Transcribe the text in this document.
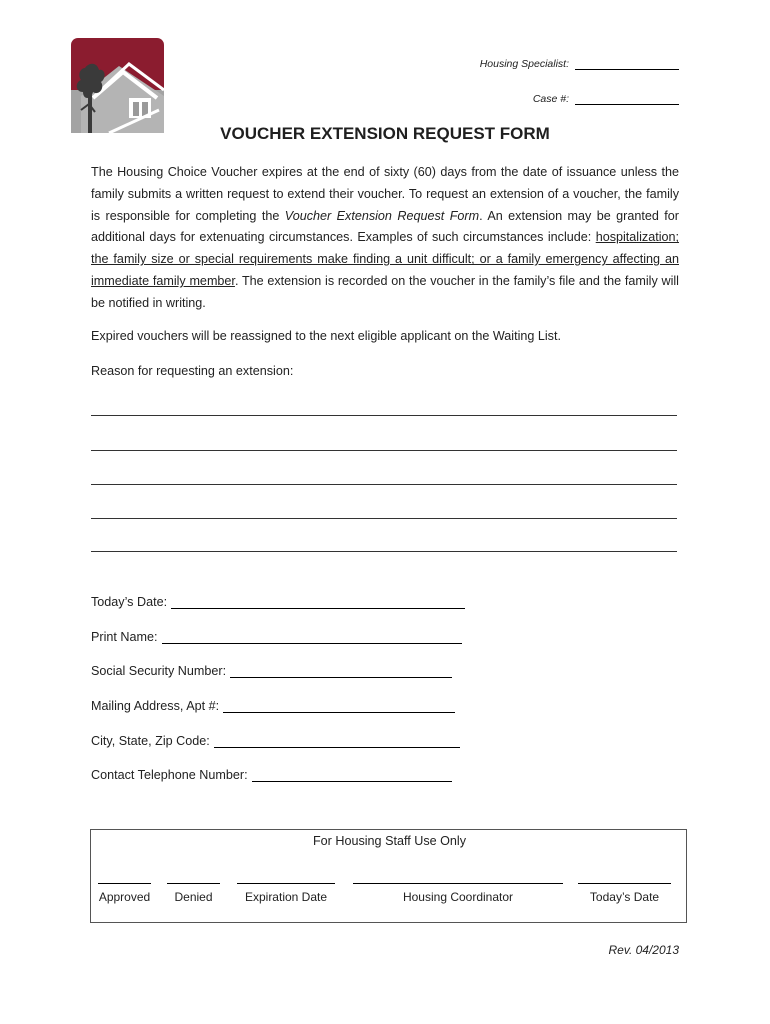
Housing Specialist:
Case #:
VOUCHER EXTENSION REQUEST FORM
The Housing Choice Voucher expires at the end of sixty (60) days from the date of issuance unless the family submits a written request to extend their voucher. To request an extension of a voucher, the family is responsible for completing the Voucher Extension Request Form. An extension may be granted for additional days for extenuating circumstances. Examples of such circumstances include: hospitalization; the family size or special requirements make finding a unit difficult; or a family emergency affecting an immediate family member. The extension is recorded on the voucher in the family’s file and the family will be notified in writing.
Expired vouchers will be reassigned to the next eligible applicant on the Waiting List.
Reason for requesting an extension:
Today’s Date:
Print Name:
Social Security Number:
Mailing Address, Apt #:
City, State, Zip Code:
Contact Telephone Number:
For Housing Staff Use Only
Approved	Denied	Expiration Date	Housing Coordinator	Today’s Date
Rev. 04/2013
